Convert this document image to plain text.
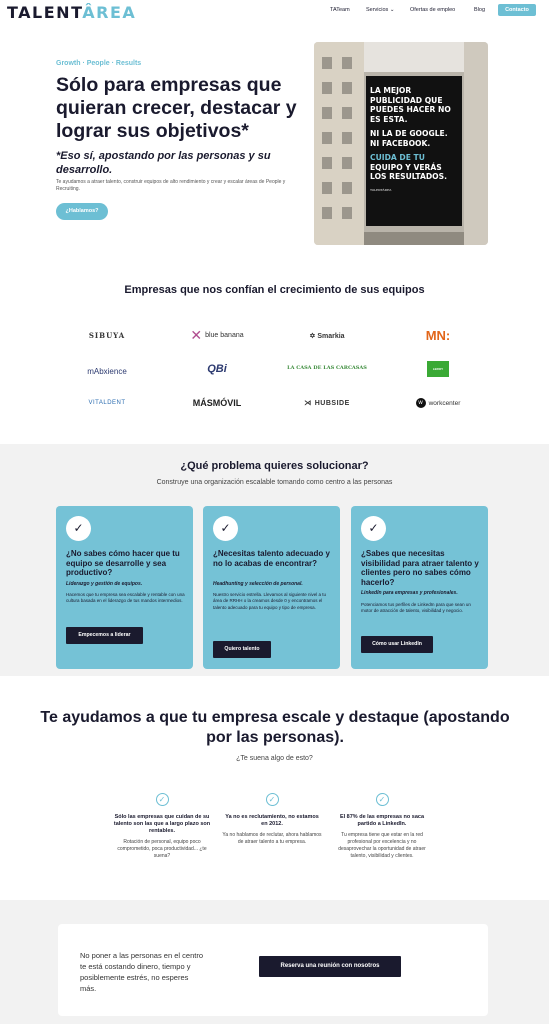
TALENTÂREA	TATeam	Servicios ⌄	Ofertas de empleo	Blog	Contacto
Growth · People · Results
Sólo para empresas que quieran crecer, destacar y lograr sus objetivos*
*Eso sí, apostando por las personas y su desarrollo.

Te ayudamos a atraer talento, construir equipos de alto rendimiento y crear y escalar áreas de People y Recruiting.

¿Hablamos?
LA MEJOR PUBLICIDAD QUE PUEDES HACER NO ES ESTA.
NI LA DE GOOGLE. NI FACEBOOK.
CUIDA DE TU EQUIPO Y VERÁS LOS RESULTADOS.
TALENTÂREA
Empresas que nos confían el crecimiento de sus equipos
SIBUYA	✕ blue banana	✡ Smarkia	MN:
mAbxience	QBi	LA CASA DE LAS CARCASAS	LEROY MERLIN
VITALDENT	MÁSMÓVIL	⋊ HUBSIDE	w workcenter
¿Qué problema quieres solucionar?
Construye una organización escalable tomando como centro a las personas
✓
¿No sabes cómo hacer que tu equipo se desarrolle y sea productivo?
Liderazgo y gestión de equipos.

Hacemos que tu empresa sea escalable y rentable con una cultura basada en el liderazgo de tus mandos intermedios.

Empecemos a liderar
✓
¿Necesitas talento adecuado y no lo acabas de encontrar?
Headhunting y selección de personal.

Nuestro servicio estrella. Llevamos al siguiente nivel a tu área de RRHH o la creamos desde 0 y encontramos el talento adecuado para tu equipo y tipo de empresa.

Quiero talento
✓
¿Sabes que necesitas visibilidad para atraer talento y clientes pero no sabes cómo hacerlo?
LinkedIn para empresas y profesionales.

Potenciamos tus perfiles de LinkedIn para que sean un motor de atracción de talento, visibilidad y negocio.

Cómo usar LinkedIn
Te ayudamos a que tu empresa escale y destaque (apostando por las personas).
¿Te suena algo de esto?
✓
Sólo las empresas que cuidan de su talento son las que a largo plazo son rentables.

Rotación de personal, equipo poco comprometido, poca productividad... ¿te suena?

✓
Ya no es reclutamiento, no estamos en 2012.

Ya no hablamos de reclutar, ahora hablamos de atraer talento a tu empresa.

✓
El 87% de las empresas no saca partido a LinkedIn.

Tu empresa tiene que estar en la red profesional por excelencia y no desaprovechar la oportunidad de atraer talento, visibilidad y clientes.

No poner a las personas en el centro te está costando dinero, tiempo y posiblemente estrés, no esperes más.

Reserva una reunión con nosotros
